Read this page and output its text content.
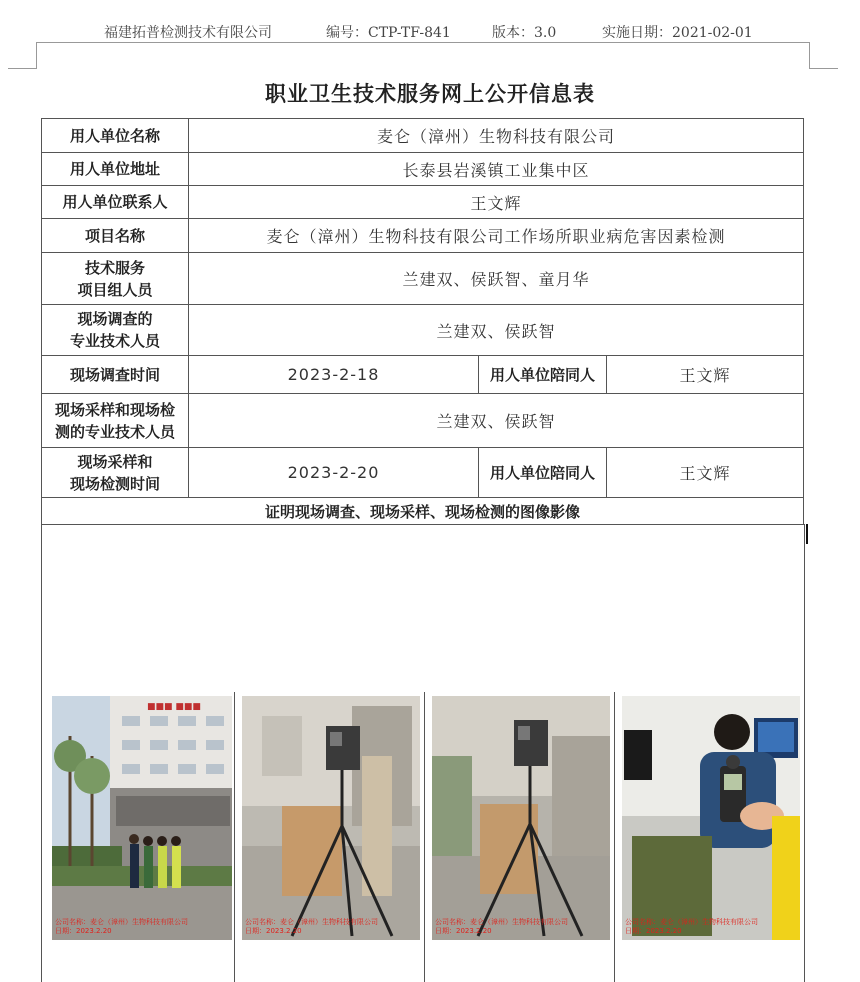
福建拓普检测技术有限公司	编号：CTP-TF-841	版本：3.0	实施日期：2021-02-01
职业卫生技术服务网上公开信息表
用人单位名称	麦仑（漳州）生物科技有限公司		
用人单位地址	长泰县岩溪镇工业集中区		
用人单位联系人	王文辉		
项目名称	麦仑（漳州）生物科技有限公司工作场所职业病危害因素检测		

技术服务
项目组人员	兰建双、侯跃智、童月华		

现场调查的
专业技术人员	兰建双、侯跃智		
现场调查时间	2023-2-18	用人单位陪同人	王文辉

现场采样和现场检
测的专业技术人员	兰建双、侯跃智		

现场采样和
现场检测时间	2023-2-20	用人单位陪同人	王文辉
证明现场调查、现场采样、现场检测的图像影像			
■■■ ■■■
公司名称：麦仑（漳州）生物科技有限公司
日期：2023.2.20
公司名称：麦仑（漳州）生物科技有限公司
日期：2023.2.20
公司名称：麦仑（漳州）生物科技有限公司
日期：2023.2.20
公司名称：麦仑（漳州）生物科技有限公司
日期：2023.2.20
